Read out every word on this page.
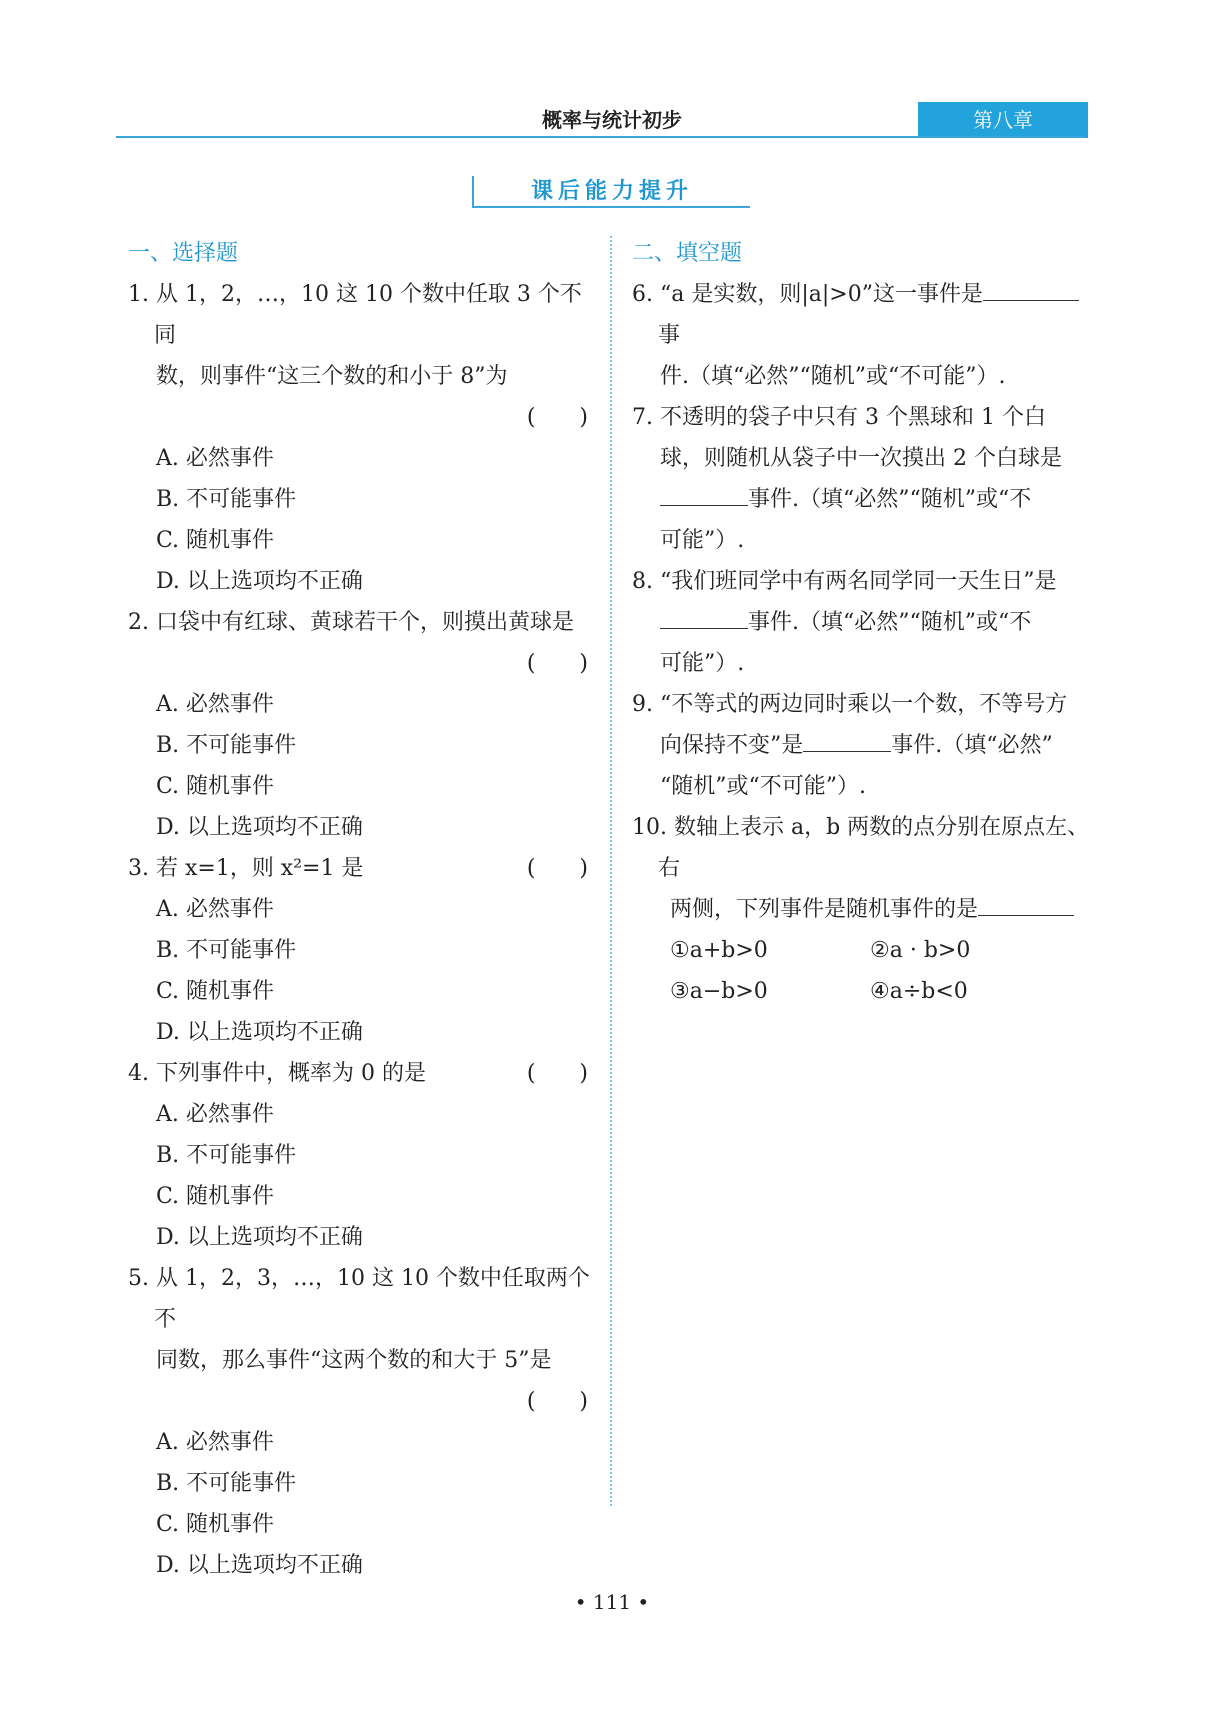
概率与统计初步	第八章
课后能力提升
一、选择题
1. 从 1，2，…，10 这 10 个数中任取 3 个不同
数，则事件“这三个数的和小于 8”为
(　　)
A. 必然事件
B. 不可能事件
C. 随机事件
D. 以上选项均不正确
2. 口袋中有红球、黄球若干个，则摸出黄球是
(　　)
A. 必然事件
B. 不可能事件
C. 随机事件
D. 以上选项均不正确
(　　)
3. 若 x=1，则 x²=1 是
A. 必然事件
B. 不可能事件
C. 随机事件
D. 以上选项均不正确
(　　)
4. 下列事件中，概率为 0 的是
A. 必然事件
B. 不可能事件
C. 随机事件
D. 以上选项均不正确
5. 从 1，2，3，…，10 这 10 个数中任取两个不
同数，那么事件“这两个数的和大于 5”是
(　　)
A. 必然事件
B. 不可能事件
C. 随机事件
D. 以上选项均不正确
二、填空题
6. “a 是实数，则|a|>0”这一事件是事
件.（填“必然”“随机”或“不可能”）.
7. 不透明的袋子中只有 3 个黑球和 1 个白
球，则随机从袋子中一次摸出 2 个白球是
事件.（填“必然”“随机”或“不
可能”）.
8. “我们班同学中有两名同学同一天生日”是
事件.（填“必然”“随机”或“不
可能”）.
9. “不等式的两边同时乘以一个数，不等号方
向保持不变”是	事件.（填“必然”
“随机”或“不可能”）.
10. 数轴上表示 a，b 两数的点分别在原点左、右
两侧，下列事件是随机事件的是
①a+b>0	②a · b>0
③a−b>0	④a÷b<0
• 111 •
